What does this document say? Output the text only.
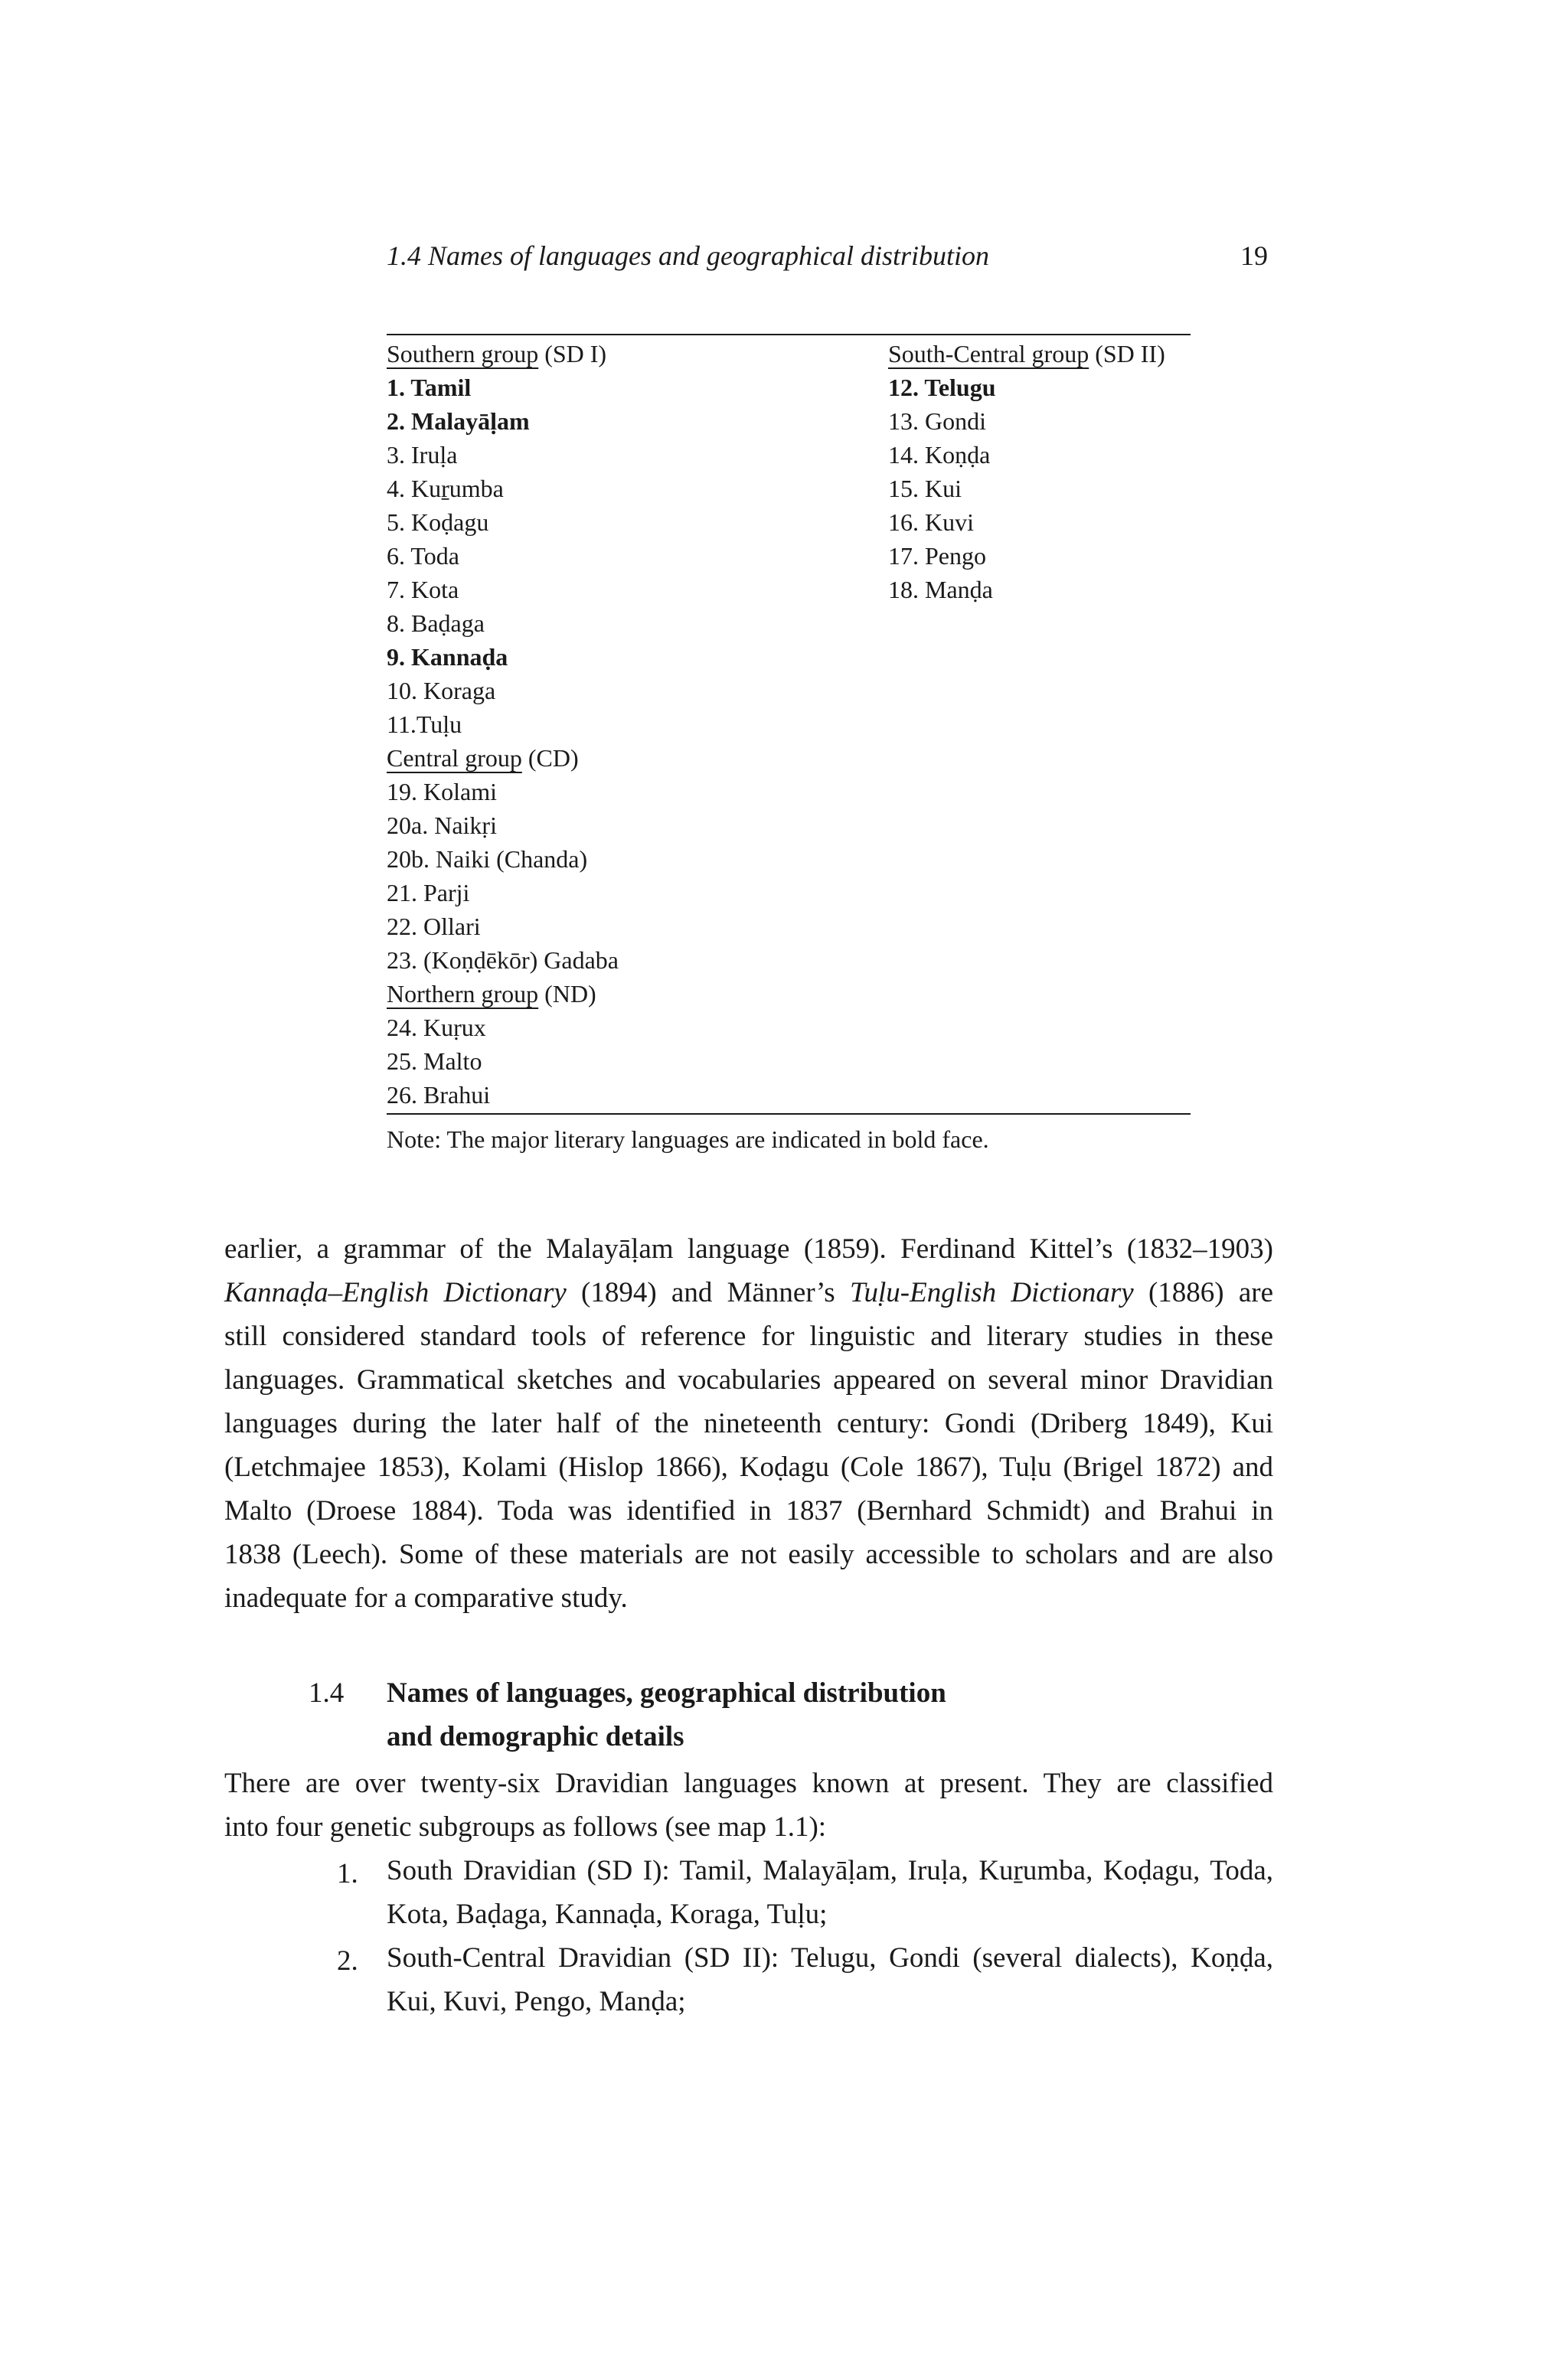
1.4 Names of languages and geographical distribution	19
Southern group (SD I)
1. Tamil
2. Malayāḷam
3. Iruḷa
4. Kuṟumba
5. Koḍagu
6. Toda
7. Kota
8. Baḍaga
9. Kannaḍa
10. Koraga
11.Tuḷu
South-Central group (SD II)
12. Telugu
13. Gondi
14. Koṇḍa
15. Kui
16. Kuvi
17. Pengo
18. Manḍa
Central group (CD)
19. Kolami
20a. Naikṛi
20b. Naiki (Chanda)
21. Parji
22. Ollari
23. (Koṇḍēkōr) Gadaba
Northern group (ND)
24. Kuṛux
25. Malto
26. Brahui
Note: The major literary languages are indicated in bold face.
earlier, a grammar of the Malayāḷam language (1859). Ferdinand Kittel’s (1832–1903)
Kannaḍa–English Dictionary (1894) and Männer’s Tuḷu-English Dictionary (1886) are
still considered standard tools of reference for linguistic and literary studies in these
languages. Grammatical sketches and vocabularies appeared on several minor Dravidian
languages during the later half of the nineteenth century: Gondi (Driberg 1849), Kui
(Letchmajee 1853), Kolami (Hislop 1866), Koḍagu (Cole 1867), Tuḷu (Brigel 1872) and
Malto (Droese 1884). Toda was identified in 1837 (Bernhard Schmidt) and Brahui in
1838 (Leech). Some of these materials are not easily accessible to scholars and are also
inadequate for a comparative study.
1.4 Names of languages, geographical distribution
and demographic details
There are over twenty-six Dravidian languages known at present. They are classified
into four genetic subgroups as follows (see map 1.1):
1. South Dravidian (SD I): Tamil, Malayāḷam, Iruḷa, Kuṟumba, Koḍagu, Toda,
Kota, Baḍaga, Kannaḍa, Koraga, Tuḷu;
2. South-Central Dravidian (SD II): Telugu, Gondi (several dialects), Koṇḍa,
Kui, Kuvi, Pengo, Manḍa;
